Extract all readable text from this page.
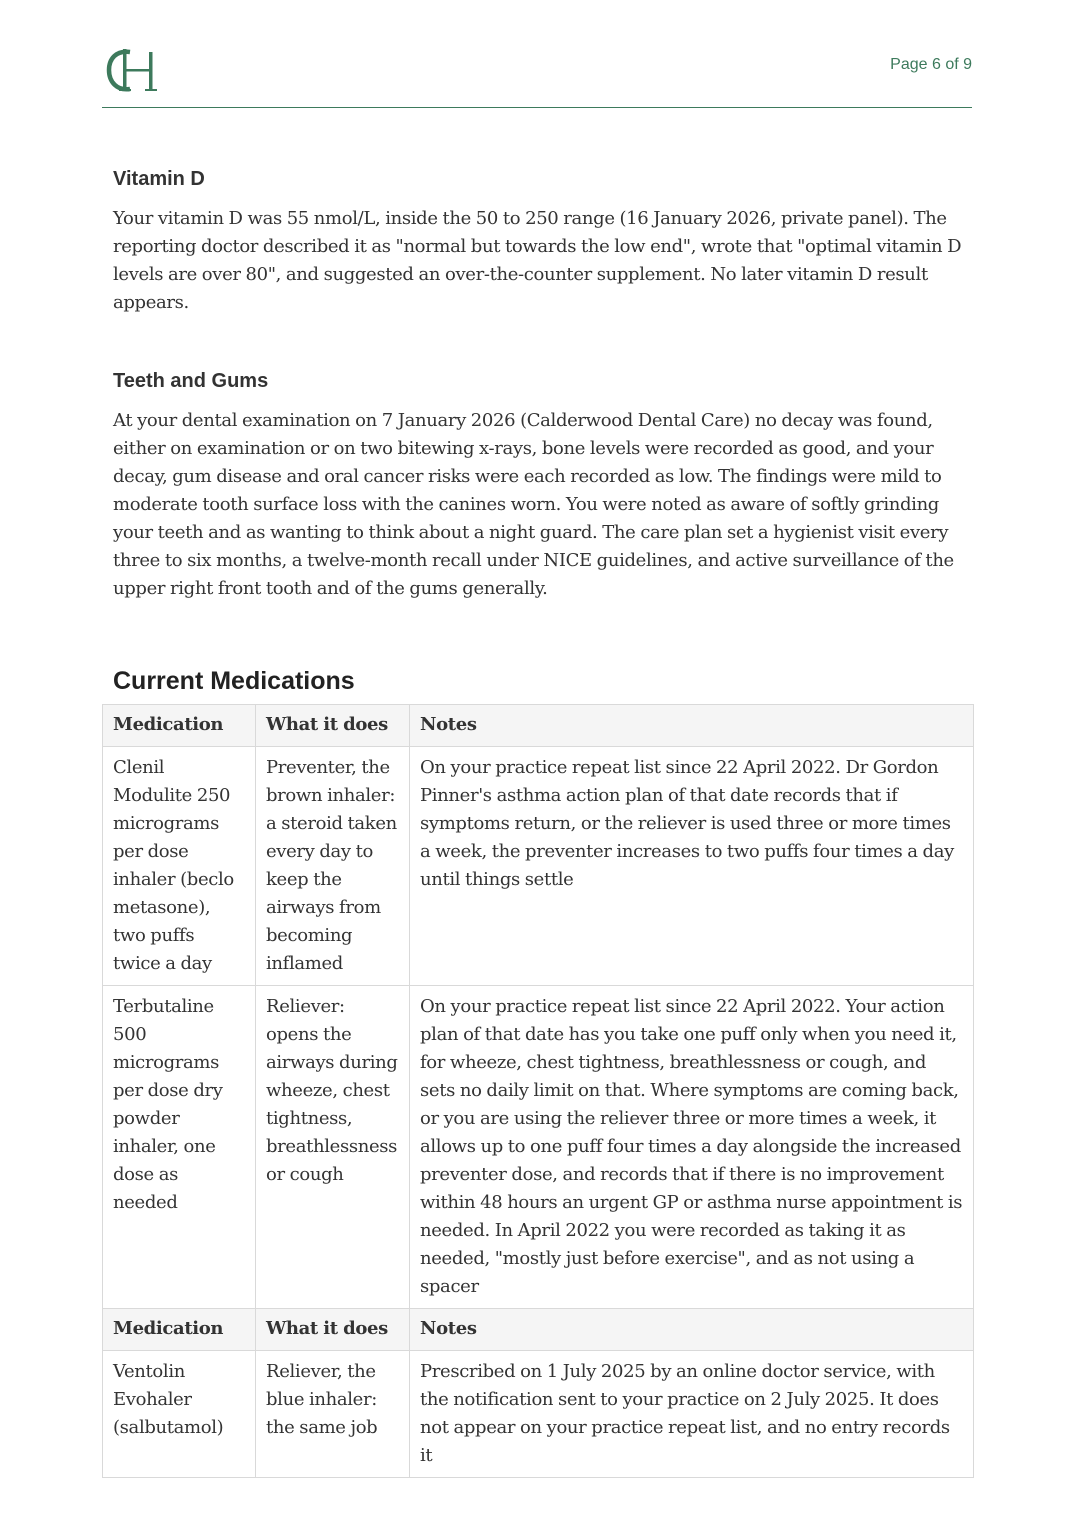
Page 6 of 9
Vitamin D

Your vitamin D was 55 nmol/L, inside the 50 to 250 range (16 January 2026, private panel). The reporting doctor described it as "normal but towards the low end", wrote that "optimal vitamin D levels are over 80", and suggested an over-the-counter supplement. No later vitamin D result appears.

Teeth and Gums

At your dental examination on 7 January 2026 (Calderwood Dental Care) no decay was found, either on examination or on two bitewing x-rays, bone levels were recorded as good, and your decay, gum disease and oral cancer risks were each recorded as low. The findings were mild to moderate tooth surface loss with the canines worn. You were noted as aware of softly grinding your teeth and as wanting to think about a night guard. The care plan set a hygienist visit every three to six months, a twelve-month recall under NICE guidelines, and active surveillance of the upper right front tooth and of the gums generally.

Current Medications
Medication	What it does	Notes
Clenil Modulite 250 micrograms per dose inhaler (beclo metasone), two puffs twice a day	Preventer, the brown inhaler: a steroid taken every day to keep the airways from becoming inflamed	On your practice repeat list since 22 April 2022. Dr Gordon Pinner's asthma action plan of that date records that if symptoms return, or the reliever is used three or more times a week, the preventer increases to two puffs four times a day until things settle
Terbutaline 500 micrograms per dose dry powder inhaler, one dose as needed	Reliever: opens the airways during wheeze, chest tightness, breathlessness or cough	On your practice repeat list since 22 April 2022. Your action plan of that date has you take one puff only when you need it, for wheeze, chest tightness, breathlessness or cough, and sets no daily limit on that. Where symptoms are coming back, or you are using the reliever three or more times a week, it allows up to one puff four times a day alongside the increased preventer dose, and records that if there is no improvement within 48 hours an urgent GP or asthma nurse appointment is needed. In April 2022 you were recorded as taking it as needed, "mostly just before exercise", and as not using a spacer
Medication	What it does	Notes
Ventolin Evohaler (salbutamol)	Reliever, the blue inhaler: the same job	Prescribed on 1 July 2025 by an online doctor service, with the notification sent to your practice on 2 July 2025. It does not appear on your practice repeat list, and no entry records it
